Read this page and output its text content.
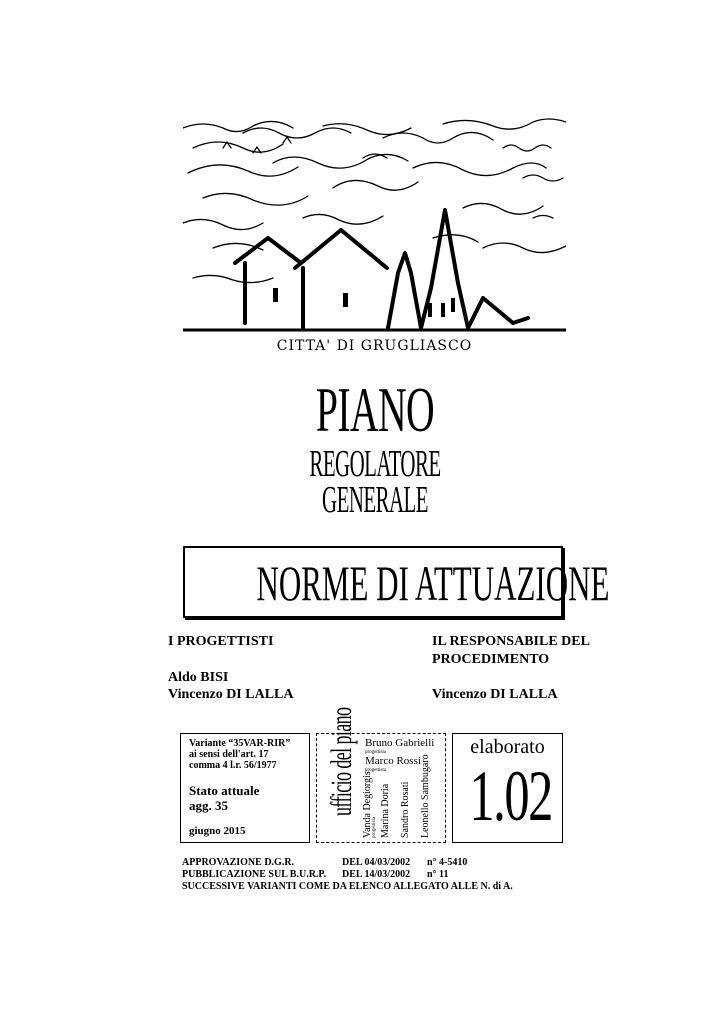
CITTA' DI GRUGLIASCO
PIANO
REGOLATORE
GENERALE
NORME DI ATTUAZIONE
I PROGETTISTI
Aldo BISI
Vincenzo DI LALLA
IL RESPONSABILE DEL
PROCEDIMENTO
Vincenzo DI LALLA
Variante “35VAR-RIR”
ai sensi dell'art. 17
comma 4 l.r. 56/1977
Stato attuale
agg. 35
giugno 2015
ufficio del piano Bruno Gabrielli
progettista
Marco Rossi
progettista
Vanda Degiorgis progettista Marina Doria Sandro Rosati Leonello Sambugaro
elaborato
1.02
APPROVAZIONE D.G.R.	DEL 04/03/2002 n° 4-5410
PUBBLICAZIONE SUL B.U.R.P. DEL 14/03/2002 n° 11
SUCCESSIVE VARIANTI COME DA ELENCO ALLEGATO ALLE N. di A.
